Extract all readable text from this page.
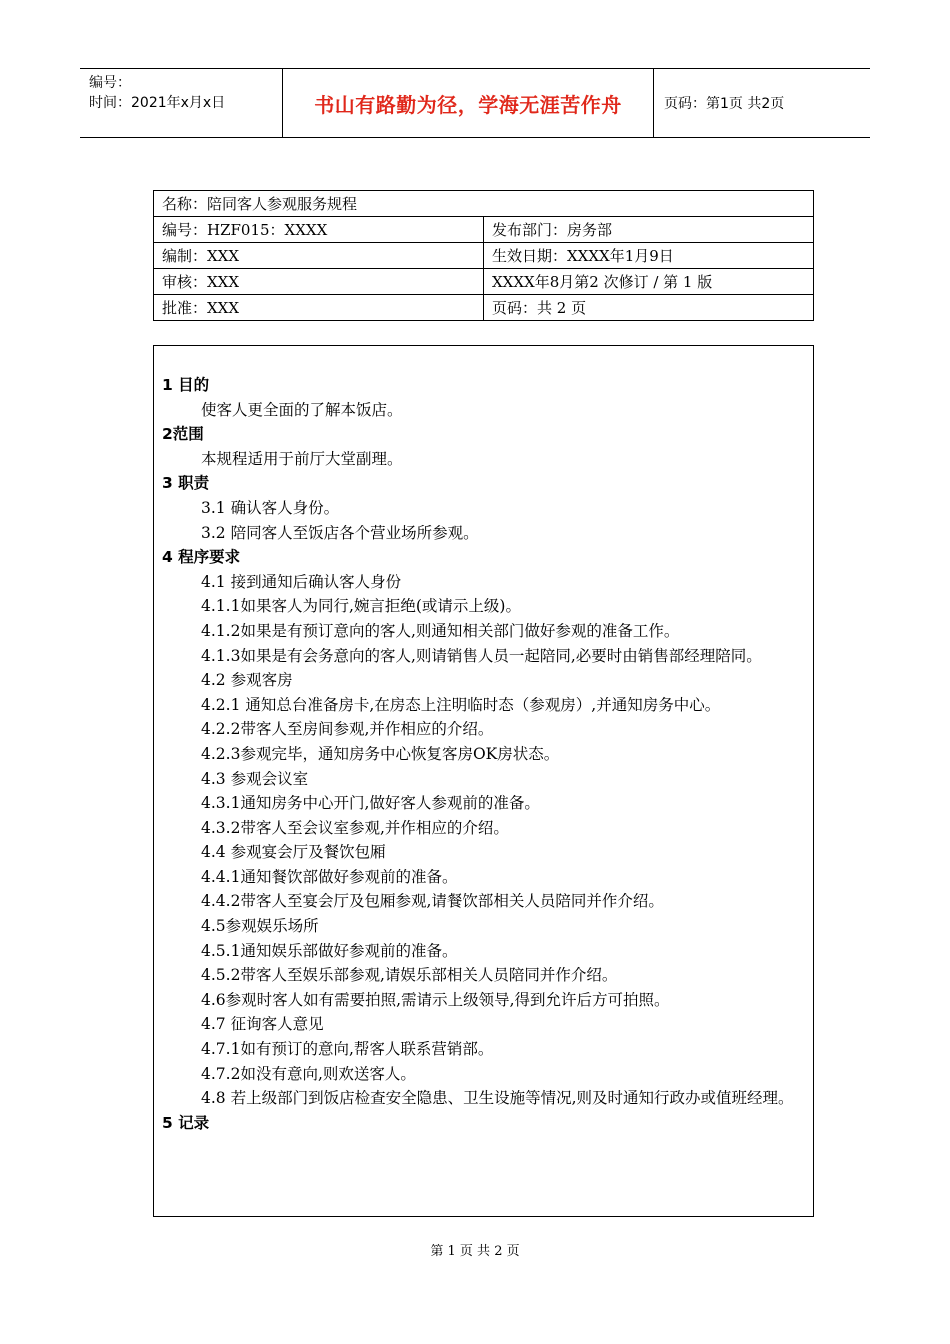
编号：
时间：2021年x月x日	书山有路勤为径，学海无涯苦作舟	页码：第1页 共2页
名称：陪同客人参观服务规程	
编号：HZF015：XXXX	发布部门：房务部
编制：XXX	生效日期：XXXX年1月9日
审核：XXX	XXXX年8月第2 次修订 / 第 1 版
批准：XXX	页码：共 2 页

1 目的

使客人更全面的了解本饭店。

2范围

本规程适用于前厅大堂副理。

3 职责

3.1 确认客人身份。

3.2 陪同客人至饭店各个营业场所参观。

4 程序要求

4.1 接到通知后确认客人身份

4.1.1如果客人为同行,婉言拒绝(或请示上级)。

4.1.2如果是有预订意向的客人,则通知相关部门做好参观的准备工作。

4.1.3如果是有会务意向的客人,则请销售人员一起陪同,必要时由销售部经理陪同。

4.2 参观客房

4.2.1 通知总台准备房卡,在房态上注明临时态（参观房）,并通知房务中心。

4.2.2带客人至房间参观,并作相应的介绍。

4.2.3参观完毕，通知房务中心恢复客房OK房状态。

4.3 参观会议室

4.3.1通知房务中心开门,做好客人参观前的准备。

4.3.2带客人至会议室参观,并作相应的介绍。

4.4 参观宴会厅及餐饮包厢

4.4.1通知餐饮部做好参观前的准备。

4.4.2带客人至宴会厅及包厢参观,请餐饮部相关人员陪同并作介绍。

4.5参观娱乐场所

4.5.1通知娱乐部做好参观前的准备。

4.5.2带客人至娱乐部参观,请娱乐部相关人员陪同并作介绍。

4.6参观时客人如有需要拍照,需请示上级领导,得到允许后方可拍照。

4.7 征询客人意见

4.7.1如有预订的意向,帮客人联系营销部。

4.7.2如没有意向,则欢送客人。

4.8 若上级部门到饭店检查安全隐患、卫生设施等情况,则及时通知行政办或值班经理。

5 记录

第 1 页 共 2 页
